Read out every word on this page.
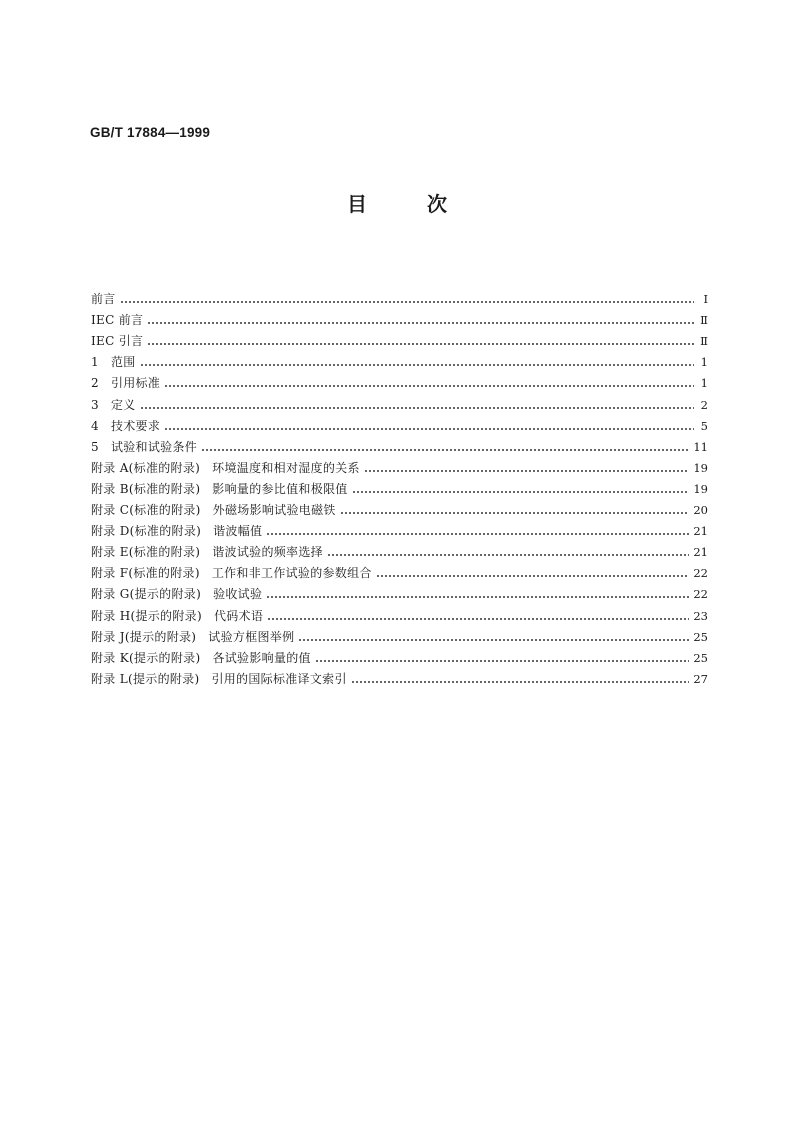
GB/T 17884—1999
目次
前言	Ⅰ
IEC 前言	Ⅱ
IEC 引言	Ⅱ
1 范围	1
2 引用标准	1
3 定义	2
4 技术要求	5
5 试验和试验条件	11
附录 A(标准的附录) 环境温度和相对湿度的关系	19
附录 B(标准的附录) 影响量的参比值和极限值	19
附录 C(标准的附录) 外磁场影响试验电磁铁	20
附录 D(标准的附录) 谐波幅值	21
附录 E(标准的附录) 谐波试验的频率选择	21
附录 F(标准的附录) 工作和非工作试验的参数组合	22
附录 G(提示的附录) 验收试验	22
附录 H(提示的附录) 代码术语	23
附录 J(提示的附录) 试验方框图举例	25
附录 K(提示的附录) 各试验影响量的值	25
附录 L(提示的附录) 引用的国际标准译文索引	27
